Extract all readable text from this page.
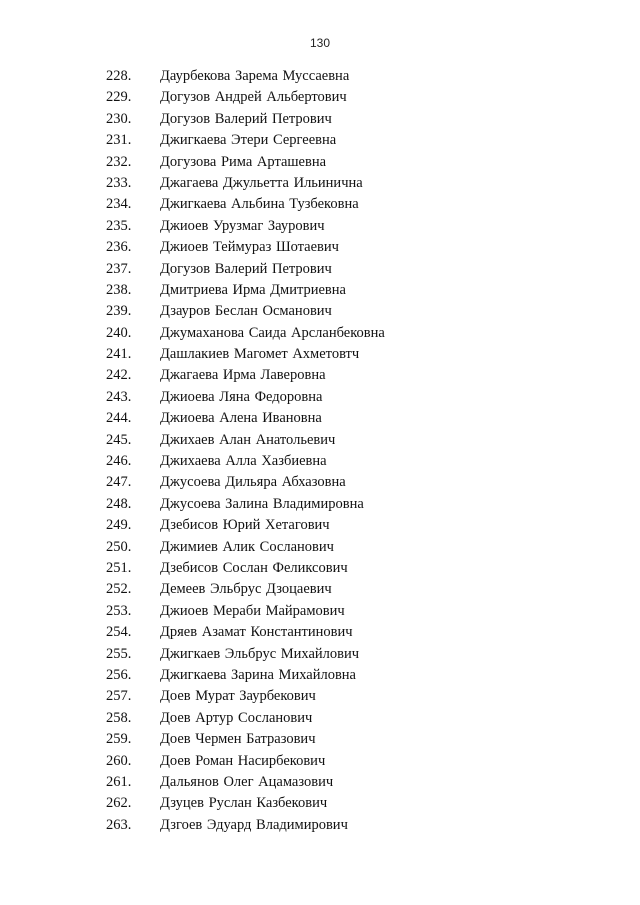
130
228. Даурбекова Зарема Муссаевна
229. Догузов Андрей Альбертович
230. Догузов Валерий Петрович
231. Джигкаева Этери Сергеевна
232. Догузова Рима Арташевна
233. Джагаева Джульетта Ильинична
234. Джигкаева Альбина Тузбековна
235. Джиоев Урузмаг Заурович
236. Джиоев Теймураз Шотаевич
237. Догузов Валерий Петрович
238. Дмитриева Ирма Дмитриевна
239. Дзауров Беслан Османович
240. Джумаханова Саида Арсланбековна
241. Дашлакиев Магомет Ахметовтч
242. Джагаева Ирма Лаверовна
243. Джиоева Ляна Федоровна
244. Джиоева Алена Ивановна
245. Джихаев Алан Анатольевич
246. Джихаева Алла Хазбиевна
247. Джусоева Дильяра Абхазовна
248. Джусоева Залина Владимировна
249. Дзебисов Юрий Хетагович
250. Джимиев Алик Сосланович
251. Дзебисов Сослан Феликсович
252. Демеев Эльбрус Дзоцаевич
253. Джиоев Мераби Майрамович
254. Дряев Азамат Константинович
255. Джигкаев Эльбрус Михайлович
256. Джигкаева Зарина Михайловна
257. Доев Мурат Заурбекович
258. Доев Артур Сосланович
259. Доев Чермен Батразович
260. Доев Роман Насирбекович
261. Дальянов Олег Ацамазович
262. Дзуцев Руслан Казбекович
263. Дзгоев Эдуард Владимирович
